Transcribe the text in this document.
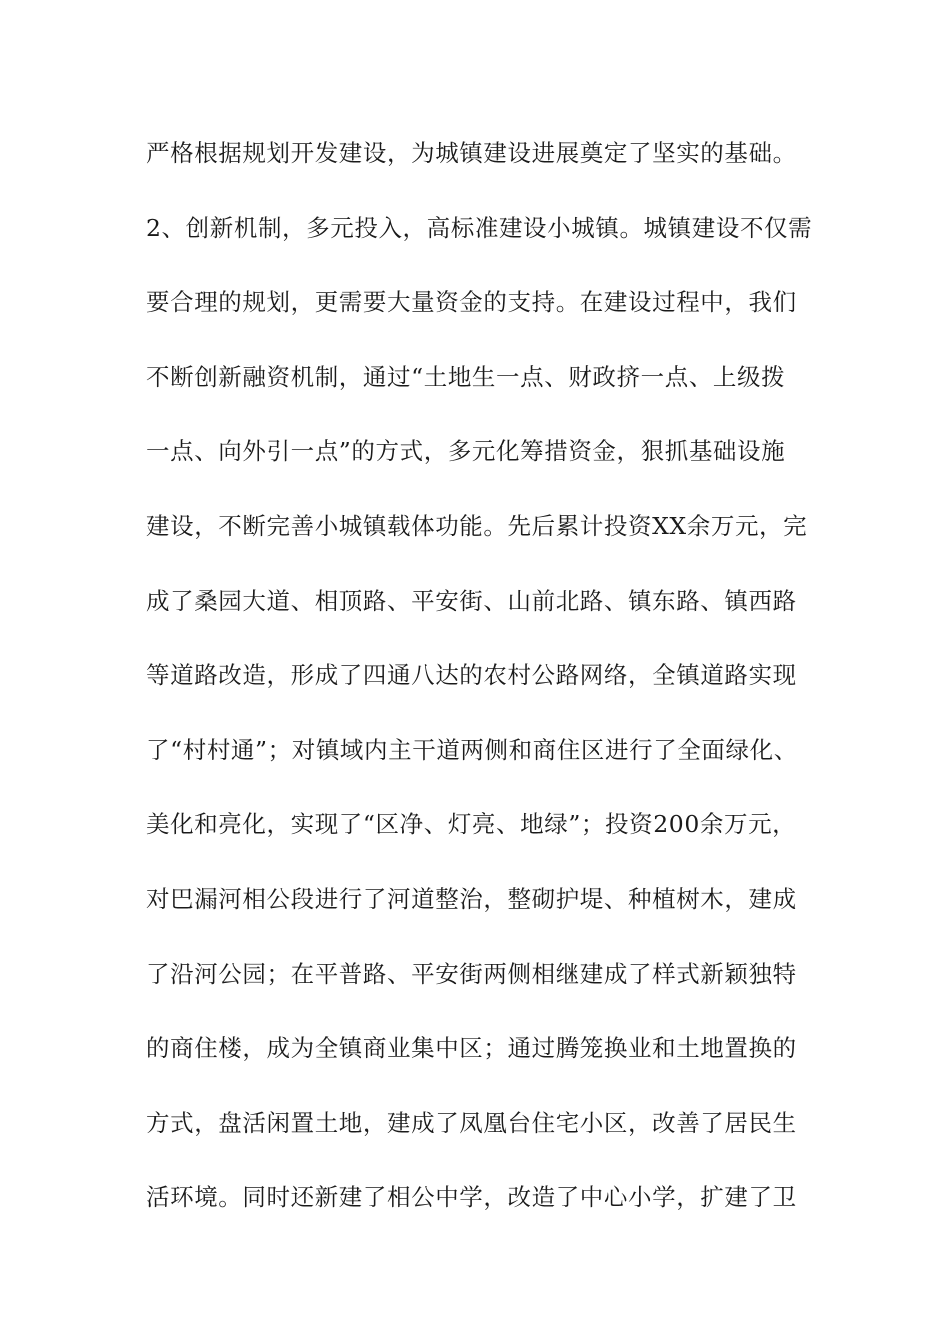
严格根据规划开发建设，为城镇建设进展奠定了坚实的基础。
2、创新机制，多元投入，高标准建设小城镇。城镇建设不仅需
要合理的规划，更需要大量资金的支持。在建设过程中，我们
不断创新融资机制，通过“土地生一点、财政挤一点、上级拨
一点、向外引一点”的方式，多元化筹措资金，狠抓基础设施
建设，不断完善小城镇载体功能。先后累计投资XX余万元，完
成了桑园大道、相顶路、平安街、山前北路、镇东路、镇西路
等道路改造，形成了四通八达的农村公路网络，全镇道路实现
了“村村通”；对镇域内主干道两侧和商住区进行了全面绿化、
美化和亮化，实现了“区净、灯亮、地绿”；投资200余万元，
对巴漏河相公段进行了河道整治，整砌护堤、种植树木，建成
了沿河公园；在平普路、平安街两侧相继建成了样式新颖独特
的商住楼，成为全镇商业集中区；通过腾笼换业和土地置换的
方式，盘活闲置土地，建成了凤凰台住宅小区，改善了居民生
活环境。同时还新建了相公中学，改造了中心小学，扩建了卫
